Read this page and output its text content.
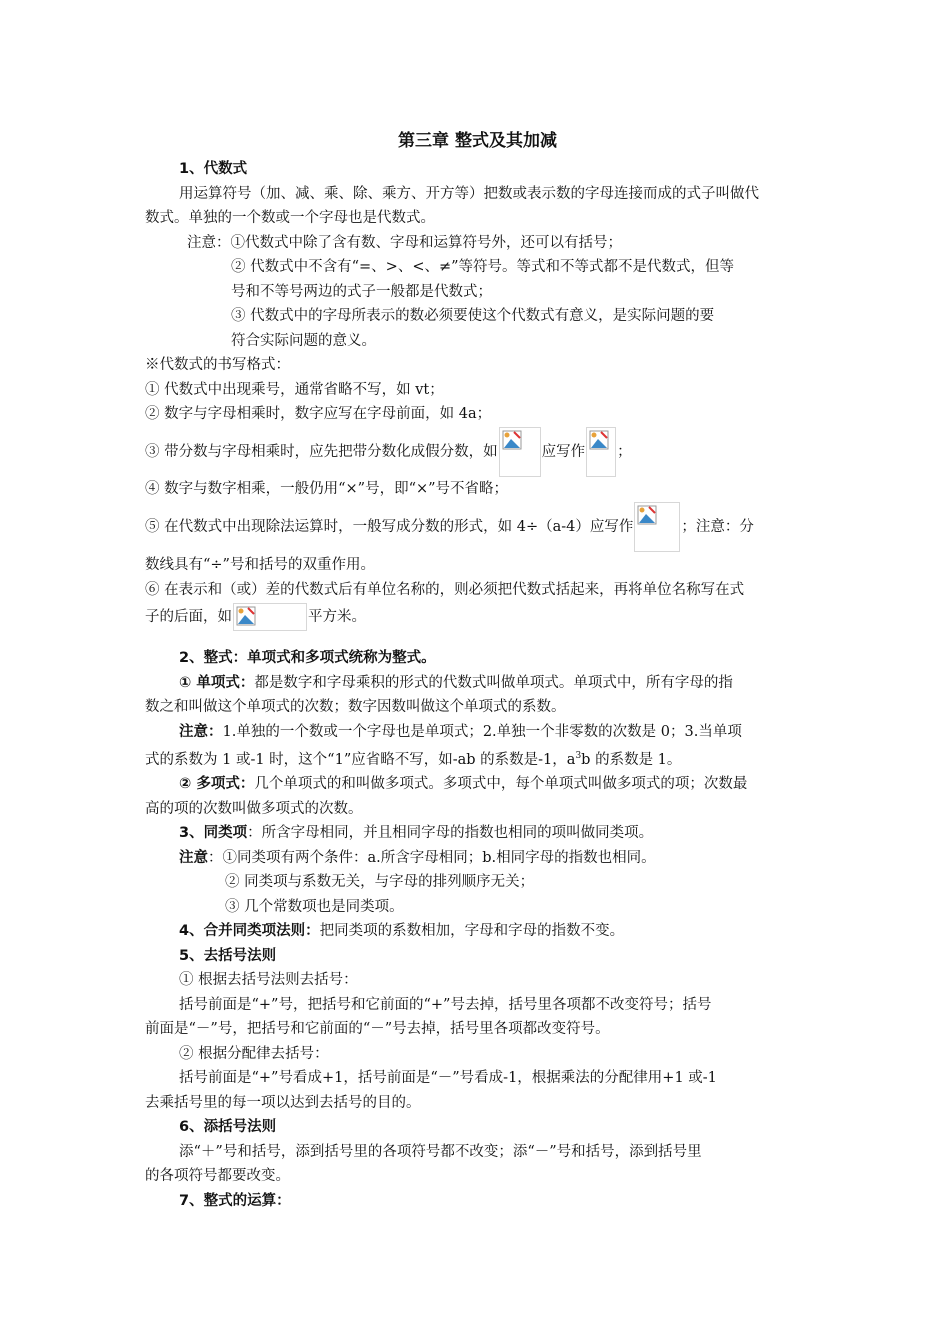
第三章 整式及其加减

1、代数式

用运算符号（加、减、乘、除、乘方、开方等）把数或表示数的字母连接而成的式子叫做代

数式。单独的一个数或一个字母也是代数式。

注意：①代数式中除了含有数、字母和运算符号外，还可以有括号；

② 代数式中不含有“=、>、<、≠”等符号。等式和不等式都不是代数式，但等

号和不等号两边的式子一般都是代数式；

③ 代数式中的字母所表示的数必须要使这个代数式有意义，是实际问题的要

符合实际问题的意义。

※代数式的书写格式：

① 代数式中出现乘号，通常省略不写，如 vt；

② 数字与字母相乘时，数字应写在字母前面，如 4a；

③ 带分数与字母相乘时，应先把带分数化成假分数，如	应写作 ；

④ 数字与数字相乘，一般仍用“×”号，即“×”号不省略；

⑤ 在代数式中出现除法运算时，一般写成分数的形式，如 4÷（a-4）应写作	；注意：分

数线具有“÷”号和括号的双重作用。

⑥ 在表示和（或）差的代数式后有单位名称的，则必须把代数式括起来，再将单位名称写在式

子的后面，如	平方米。

2、整式：单项式和多项式统称为整式。

① 单项式：都是数字和字母乘积的形式的代数式叫做单项式。单项式中，所有字母的指

数之和叫做这个单项式的次数；数字因数叫做这个单项式的系数。

注意：1.单独的一个数或一个字母也是单项式；2.单独一个非零数的次数是 0；3.当单项

式的系数为 1 或-1 时，这个“1”应省略不写，如-ab 的系数是-1，$a^3b$ 的系数是 1。

② 多项式：几个单项式的和叫做多项式。多项式中，每个单项式叫做多项式的项；次数最

高的项的次数叫做多项式的次数。

3、同类项：所含字母相同，并且相同字母的指数也相同的项叫做同类项。

注意：①同类项有两个条件：a.所含字母相同；b.相同字母的指数也相同。

② 同类项与系数无关，与字母的排列顺序无关；

③ 几个常数项也是同类项。

4、合并同类项法则：把同类项的系数相加，字母和字母的指数不变。

5、去括号法则

① 根据去括号法则去括号：

括号前面是“+”号，把括号和它前面的“+”号去掉，括号里各项都不改变符号；括号

前面是“－”号，把括号和它前面的“－”号去掉，括号里各项都改变符号。

② 根据分配律去括号：

括号前面是“+”号看成+1，括号前面是“－”号看成-1，根据乘法的分配律用+1 或-1

去乘括号里的每一项以达到去括号的目的。

6、添括号法则

添“＋”号和括号，添到括号里的各项符号都不改变；添“－”号和括号，添到括号里

的各项符号都要改变。

7、整式的运算：
